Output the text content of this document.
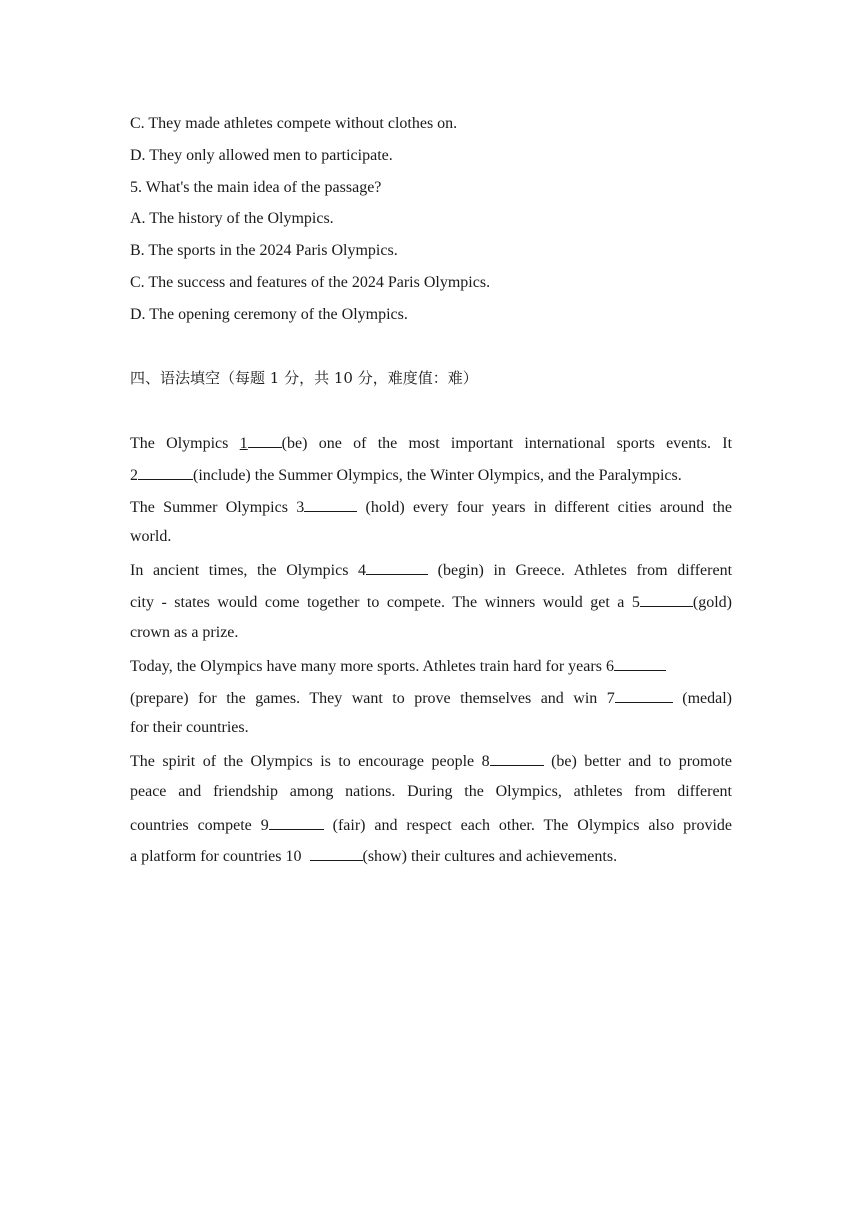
C. They made athletes compete without clothes on.
D. They only allowed men to participate.
5. What's the main idea of the passage?
A. The history of the Olympics.
B. The sports in the 2024 Paris Olympics.
C. The success and features of the 2024 Paris Olympics.
D. The opening ceremony of the Olympics.
四、语法填空（每题 1 分，共 10 分，难度值：难）
The Olympics 1 (be) one of the most important international sports events. It
2	(include) the Summer Olympics, the Winter Olympics, and the Paralympics.
The Summer Olympics 3	(hold) every four years in different cities around the
world.
In ancient times, the Olympics 4	(begin) in Greece. Athletes from different
city - states would come together to compete. The winners would get a 5	(gold)
crown as a prize.
Today, the Olympics have many more sports. Athletes train hard for years 6
(prepare) for the games. They want to prove themselves and win 7	(medal)
for their countries.
The spirit of the Olympics is to encourage people 8	(be) better and to promote
peace and friendship among nations. During the Olympics, athletes from different
countries compete 9	(fair) and respect each other. The Olympics also provide
a platform for countries 10	(show) their cultures and achievements.
